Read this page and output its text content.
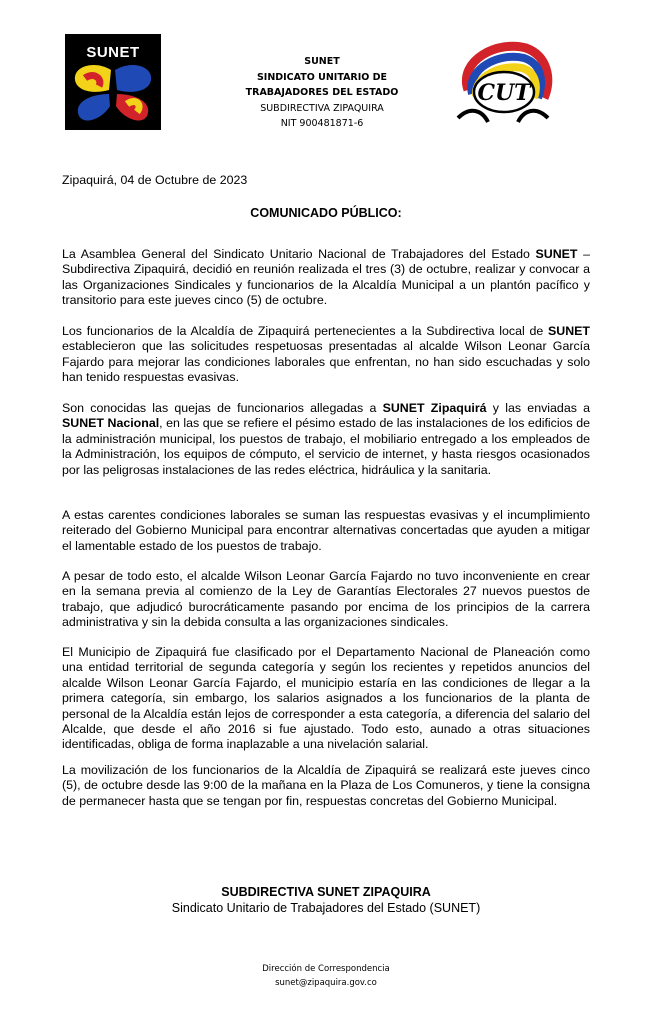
SUNET
SUNET
SINDICATO UNITARIO DE
TRABAJADORES DEL ESTADO
SUBDIRECTIVA ZIPAQUIRA
NIT 900481871-6
CUT
Zipaquirá, 04 de Octubre de 2023
COMUNICADO PÚBLICO:

La Asamblea General del Sindicato Unitario Nacional de Trabajadores del Estado SUNET – Subdirectiva Zipaquirá, decidió en reunión realizada el tres (3) de octubre, realizar y convocar a las Organizaciones Sindicales y funcionarios de la Alcaldía Municipal a un plantón pacífico y transitorio para este jueves cinco (5) de octubre.

Los funcionarios de la Alcaldía de Zipaquirá pertenecientes a la Subdirectiva local de SUNET establecieron que las solicitudes respetuosas presentadas al alcalde Wilson Leonar García Fajardo para mejorar las condiciones laborales que enfrentan, no han sido escuchadas y solo han tenido respuestas evasivas.

Son conocidas las quejas de funcionarios allegadas a SUNET Zipaquirá y las enviadas a SUNET Nacional, en las que se refiere el pésimo estado de las instalaciones de los edificios de la administración municipal, los puestos de trabajo, el mobiliario entregado a los empleados de la Administración, los equipos de cómputo, el servicio de internet, y hasta riesgos ocasionados por las peligrosas instalaciones de las redes eléctrica, hidráulica y la sanitaria.

A estas carentes condiciones laborales se suman las respuestas evasivas y el incumplimiento reiterado del Gobierno Municipal para encontrar alternativas concertadas que ayuden a mitigar el lamentable estado de los puestos de trabajo.

A pesar de todo esto, el alcalde Wilson Leonar García Fajardo no tuvo inconveniente en crear en la semana previa al comienzo de la Ley de Garantías Electorales 27 nuevos puestos de trabajo, que adjudicó burocráticamente pasando por encima de los principios de la carrera administrativa y sin la debida consulta a las organizaciones sindicales.

El Municipio de Zipaquirá fue clasificado por el Departamento Nacional de Planeación como una entidad territorial de segunda categoría y según los recientes y repetidos anuncios del alcalde Wilson Leonar García Fajardo, el municipio estaría en las condiciones de llegar a la primera categoría, sin embargo, los salarios asignados a los funcionarios de la planta de personal de la Alcaldía están lejos de corresponder a esta categoría, a diferencia del salario del Alcalde, que desde el año 2016 si fue ajustado. Todo esto, aunado a otras situaciones identificadas, obliga de forma inaplazable a una nivelación salarial.

La movilización de los funcionarios de la Alcaldía de Zipaquirá se realizará este jueves cinco (5), de octubre desde las 9:00 de la mañana en la Plaza de Los Comuneros, y tiene la consigna de permanecer hasta que se tengan por fin, respuestas concretas del Gobierno Municipal.

SUBDIRECTIVA SUNET ZIPAQUIRA
Sindicato Unitario de Trabajadores del Estado (SUNET)
Dirección de Correspondencia
sunet@zipaquira.gov.co
